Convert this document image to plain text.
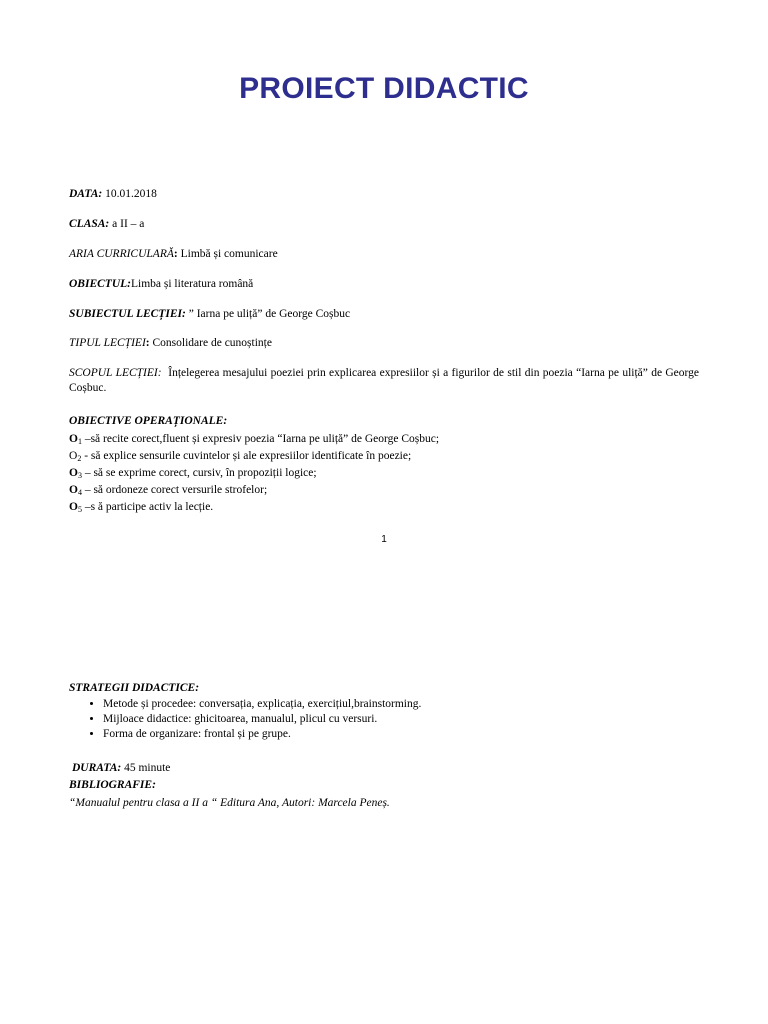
PROIECT DIDACTIC
DATA: 10.01.2018
CLASA: a II – a
ARIA CURRICULARĂ: Limbă și comunicare
OBIECTUL:Limba și literatura română
SUBIECTUL LECȚIEI: ” Iarna pe uliță” de George Coșbuc
TIPUL LECȚIEI: Consolidare de cunoștințe
SCOPUL LECȚIEI: Înțelegerea mesajului poeziei prin explicarea expresiilor și a figurilor de stil din poezia “Iarna pe uliță” de George Coșbuc.
OBIECTIVE OPERAȚIONALE:
$O_1$ –să recite corect,fluent și expresiv poezia “Iarna pe uliță” de George Coșbuc;
$O_2$ - să explice sensurile cuvintelor și ale expresiilor identificate în poezie;
$O_3$ – să se exprime corect, cursiv, în propoziții logice;
$O_4$ – să ordoneze corect versurile strofelor;
$O_5$ –s ă participe activ la lecție.
1
STRATEGII DIDACTICE:
• Metode și procedee: conversația, explicația, exercițiul,brainstorming.
• Mijloace didactice: ghicitoarea, manualul, plicul cu versuri.
• Forma de organizare: frontal și pe grupe.
DURATA: 45 minute
BIBLIOGRAFIE:
“Manualul pentru clasa a II a “ Editura Ana, Autori: Marcela Peneș.
